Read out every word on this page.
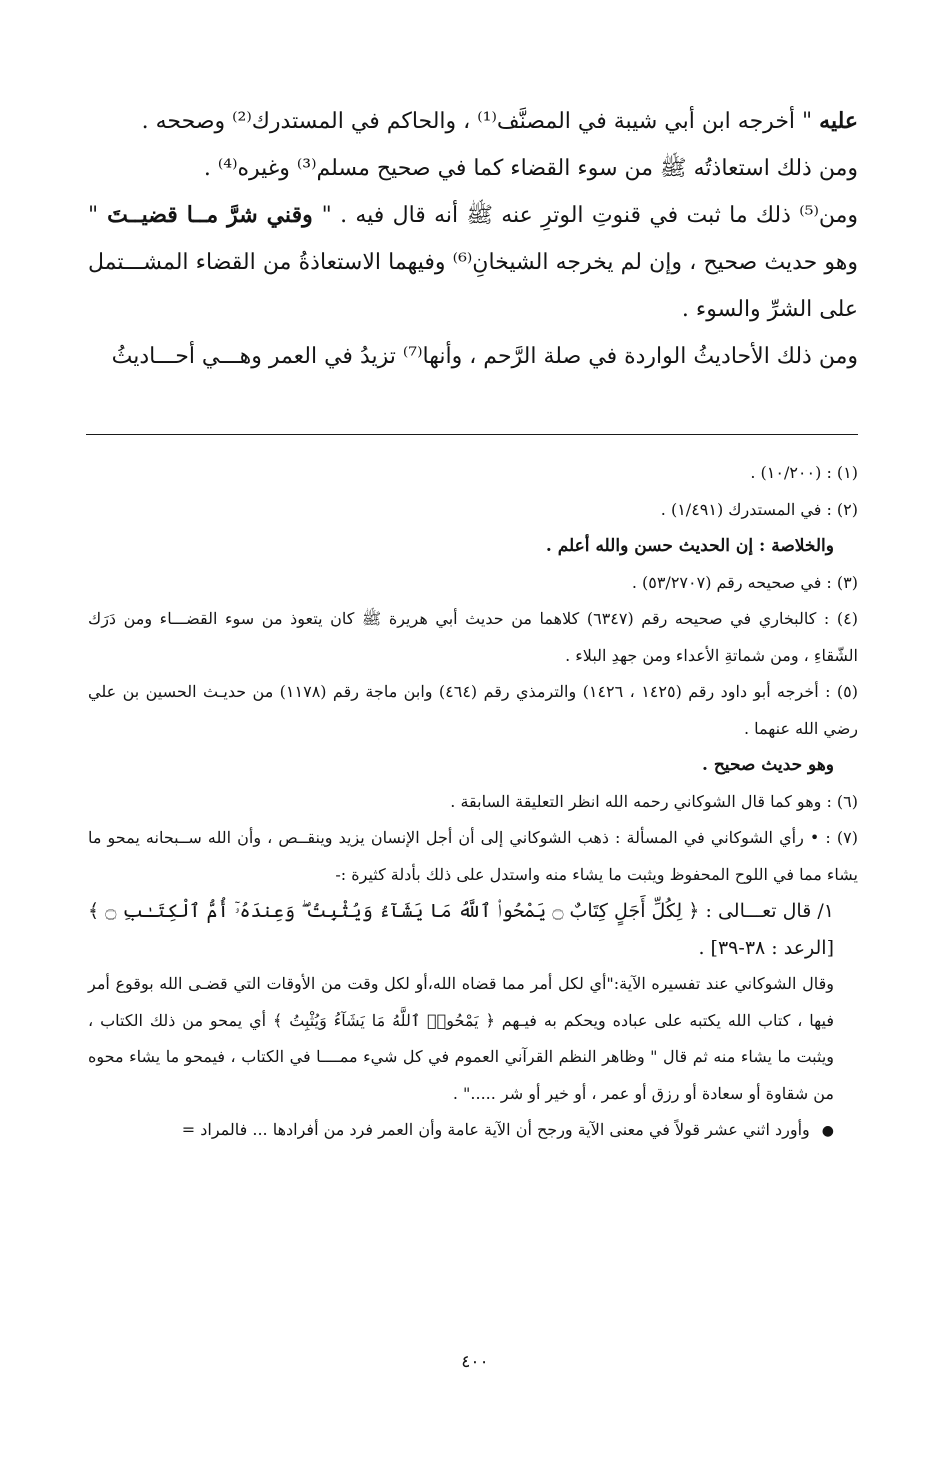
عليه " أخرجه ابن أبي شيبة في المصنَّف⁽¹⁾ ، والحاكم في المستدرك⁽²⁾ وصححه .

ومن ذلك استعاذتُه ﷺ من سوء القضاء كما في صحيح مسلم⁽³⁾ وغيره⁽⁴⁾ .

ومن⁽⁵⁾ ذلك ما ثبت في قنوتِ الوترِ عنه ﷺ أنه قال فيه . " وقني شرَّ مــا قضيــتَ " وهو حديث صحيح ، وإن لم يخرجه الشيخانِ⁽⁶⁾ وفيهما الاستعاذةُ من القضاء المشـــتمل على الشرِّ والسوء .

ومن ذلك الأحاديثُ الواردة في صلة الرَّحم ، وأنها⁽⁷⁾ تزيدُ في العمر وهـــي أحـــاديثُ

(١) : (١٠/٢٠٠) .

(٢) : في المستدرك (١/٤٩١) .

والخلاصة : إن الحديث حسن والله أعلم .

(٣) : في صحيحه رقم (٥٣/٢٧٠٧) .

(٤) : كالبخاري في صحيحه رقم (٦٣٤٧) كلاهما من حديث أبي هريرة ﷺ كان يتعوذ من سوء القضـــاء ومن دَرَك الشّقاءِ ، ومن شماتةِ الأعداء ومن جهدِ البلاء .

(٥) : أخرجه أبو داود رقم (١٤٢٥ ، ١٤٢٦) والترمذي رقم (٤٦٤) وابن ماجة رقم (١١٧٨) من حديـث الحسين بن علي رضي الله عنهما .

وهو حديث صحيح .

(٦) : وهو كما قال الشوكاني رحمه الله انظر التعليقة السابقة .

(٧) : • رأي الشوكاني في المسألة : ذهب الشوكاني إلى أن أجل الإنسان يزيد وينقــص ، وأن الله ســبحانه يمحو ما يشاء مما في اللوح المحفوظ ويثبت ما يشاء منه واستدل على ذلك بأدلة كثيرة :-

١/ قال تعـــالى : ﴿ لِكُلِّ أَجَلٍ كِتَابٌ ۝ يَمْحُوا۟ ٱللَّهُ مَا يَشَآءُ وَيُثْبِتُ ۖ وَعِندَهُۥٓ أُمُّ ٱلْكِتَـٰبِ ۝ ﴾ [الرعد : ٣٨-٣٩] .

وقال الشوكاني عند تفسيره الآية:"أي لكل أمر مما قضاه الله،أو لكل وقت من الأوقات التي قضـى الله بوقوع أمر فيها ، كتاب الله يكتبه على عباده ويحكم به فيـهم ﴿ يَمْحُوا۟ ٱللَّهُ مَا يَشَآءُ وَيُثْبِتُ ﴾ أي يمحو من ذلك الكتاب ، ويثبت ما يشاء منه ثم قال " وظاهر النظم القرآني العموم في كل شيء ممــــا في الكتاب ، فيمحو ما يشاء محوه من شقاوة أو سعادة أو رزق أو عمر ، أو خير أو شر ....." .

● وأورد اثني عشر قولاً في معنى الآية ورجح أن الآية عامة وأن العمر فرد من أفرادها ... فالمراد =

٤٠٠
